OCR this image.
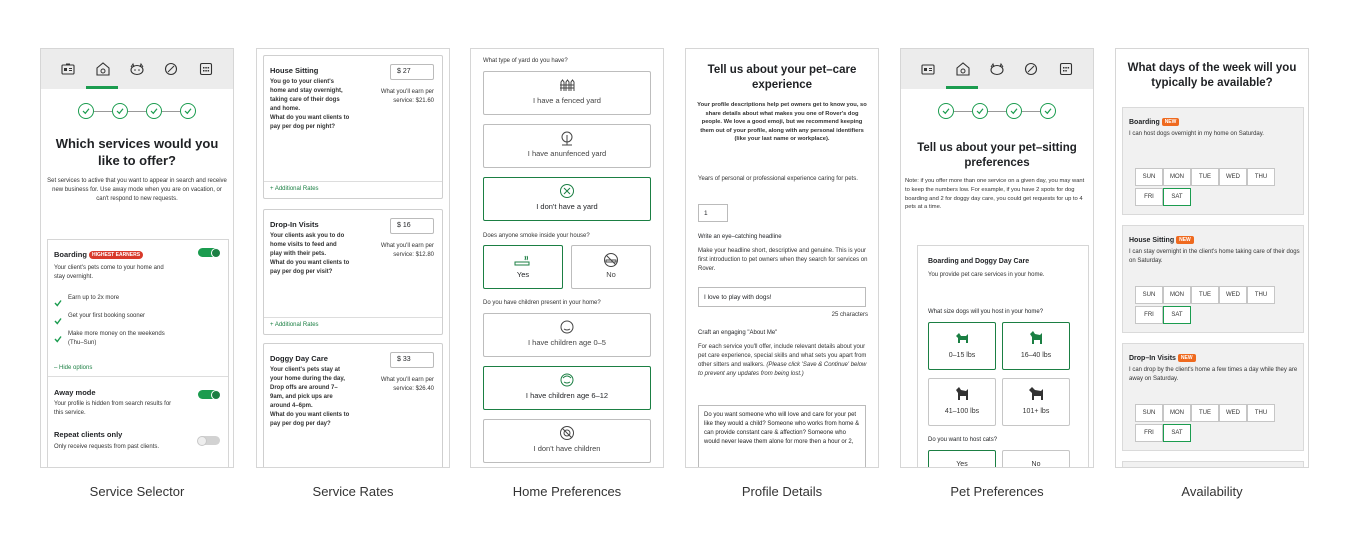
Which services would you like to offer?
Set services to active that you want to appear in search and receive new business for. Use away mode when you are on vacation, or can't respond to new requests.
Boarding HIGHEST EARNERS
Your client's pets come to your home and stay overnight.
Earn up to 2x more
Get your first booking sooner
Make more money on the weekends (Thu–Sun)
– Hide options
Away mode
Your profile is hidden from search results for this service.
Repeat clients only
Only receive requests from past clients.
Service Selector
House Sitting
You go to your client's home and stay overnight, taking care of their dogs and home.
What do you want clients to pay per dog per night?
$ 27
What you'll earn per service: $21.60
+ Additional Rates
Drop-In Visits
Your clients ask you to do home visits to feed and play with their pets.
What do you want clients to pay per dog per visit?
$ 16
What you'll earn per service: $12.80
+ Additional Rates
Doggy Day Care
Your client's pets stay at your home during the day, Drop offs are around 7–9am, and pick ups are around 4–6pm.
What do you want clients to pay per dog per day?
$ 33
What you'll earn per service: $26.40
Service Rates
What type of yard do you have?
I have a fenced yard
I have anunfenced yard
I don't have a yard
Does anyone smoke inside your house?
Yes	No
Do you have children present in your home?
I have children age 0–5
I have children age 6–12
I don't have children
Home Preferences
Tell us about your pet–care experience
Your profile descriptions help pet owners get to know you, so share details about what makes you one of Rover's dog people. We love a good emoji, but we recommend keeping them out of your profile, along with any personal identifiers (like your last name or workplace).
Years of personal or professional experience caring for pets.
1
Write an eye–catching headline
Make your headline short, descriptive and genuine. This is your first introduction to pet owners when they search for services on Rover.
I love to play with dogs!
25 characters
Craft an engaging "About Me"
For each service you'll offer, include relevant details about your pet care experience, special skills and what sets you apart from other sitters and walkers. (Please click 'Save & Continue' below to prevent any updates from being lost.)
Do you want someone who will love and care for your pet like they would a child? Someone who works from home & can provide constant care & affection? Someone who would never leave them alone for more then a hour or 2,
Profile Details
Tell us about your pet–sitting preferences
Note: if you offer more than one service on a given day, you may want to keep the numbers low. For example, if you have 2 spots for dog boarding and 2 for doggy day care, you could get requests for up to 4 pets at a time.
Boarding and Doggy Day Care
You provide pet care services in your home.
What size dogs will you host in your home?
0–15 lbs	16–40 lbs
41–100 lbs	101+ lbs
Do you want to host cats?
Yes	No
Pet Preferences
What days of the week will you typically be available?
Boarding NEW
I can host dogs overnight in my home on Saturday.
SUN	MON	TUE	WED	THU
FRI	SAT
House Sitting NEW
I can stay overnight in the client's home taking care of their dogs on Saturday.
SUN	MON	TUE	WED	THU
FRI	SAT
Drop–In Visits NEW
I can drop by the client's home a few times a day while they are away on Saturday.
SUN	MON	TUE	WED	THU
FRI	SAT
Availability
